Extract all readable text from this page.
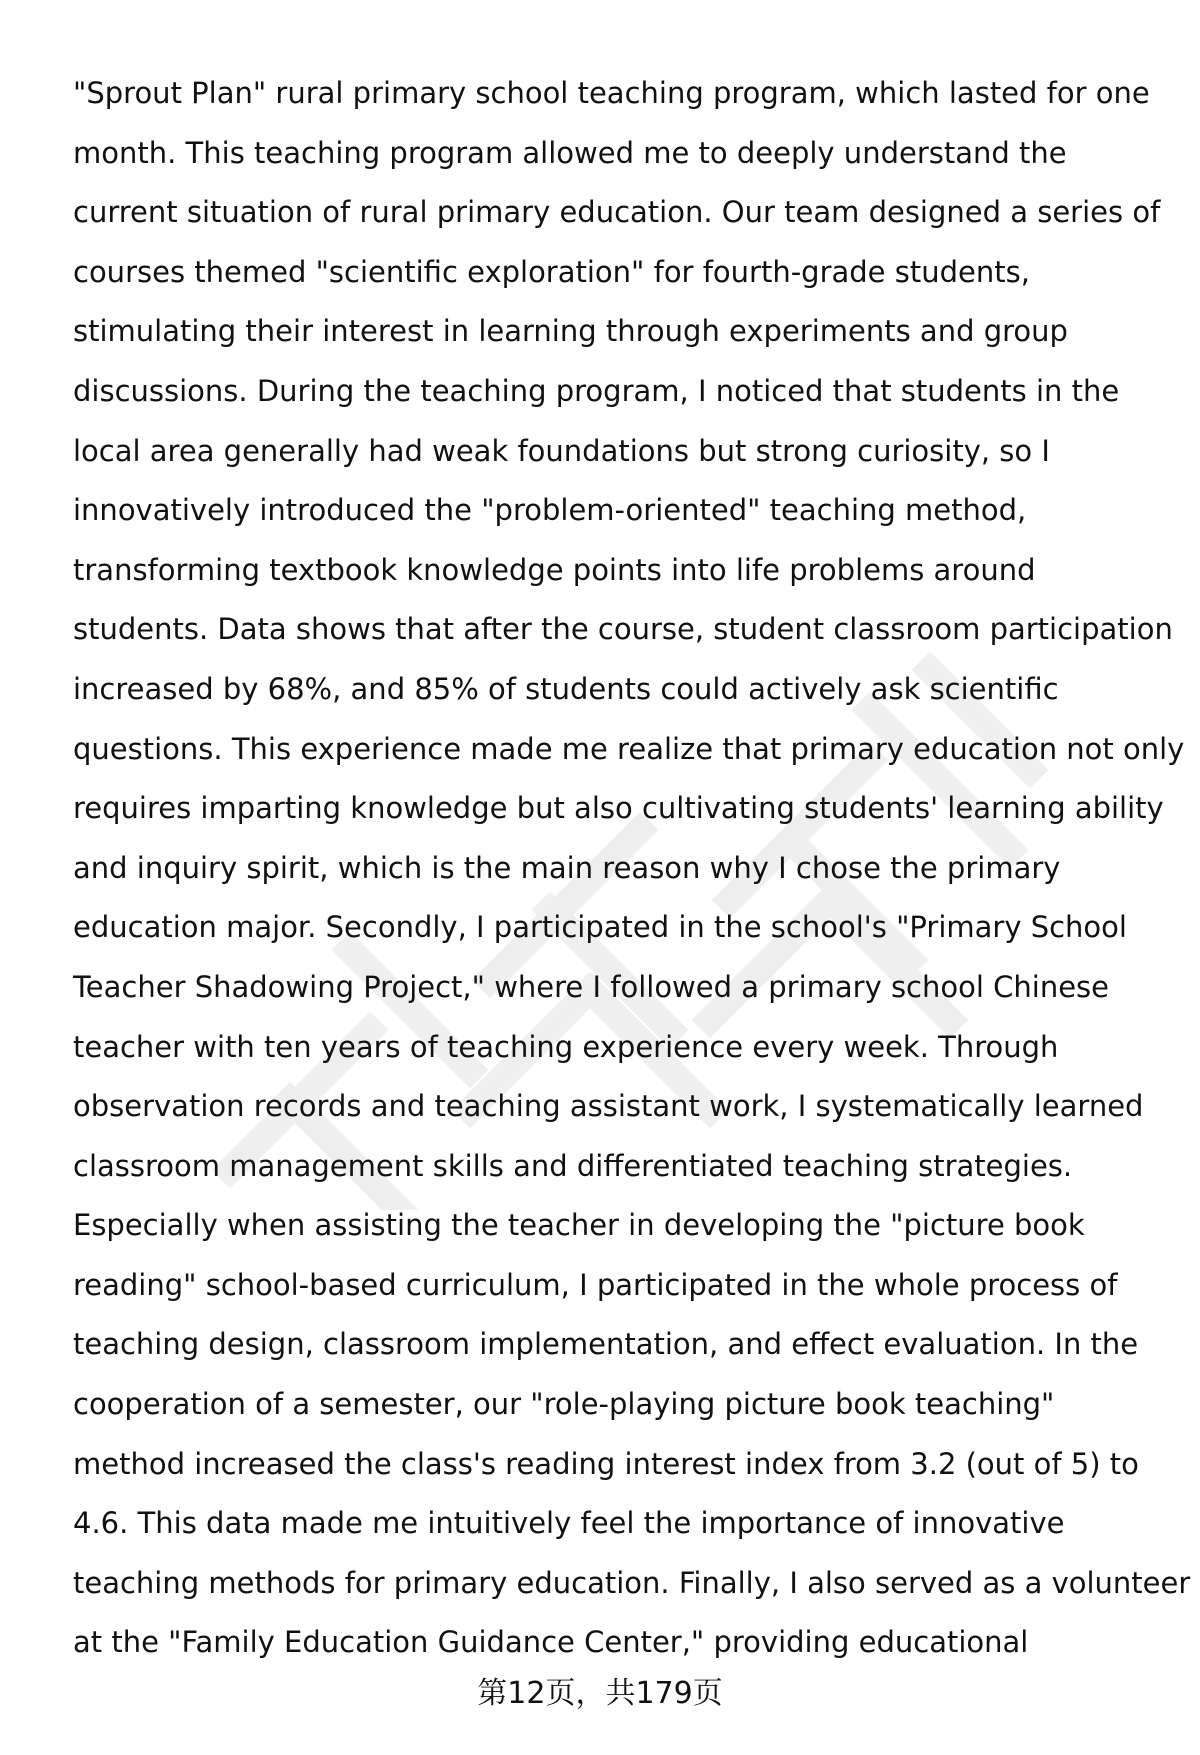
"Sprout Plan" rural primary school teaching program, which lasted for one
month. This teaching program allowed me to deeply understand the
current situation of rural primary education. Our team designed a series of
courses themed "scientific exploration" for fourth-grade students,
stimulating their interest in learning through experiments and group
discussions. During the teaching program, I noticed that students in the
local area generally had weak foundations but strong curiosity, so I
innovatively introduced the "problem-oriented" teaching method,
transforming textbook knowledge points into life problems around
students. Data shows that after the course, student classroom participation
increased by 68%, and 85% of students could actively ask scientific
questions. This experience made me realize that primary education not only
requires imparting knowledge but also cultivating students' learning ability
and inquiry spirit, which is the main reason why I chose the primary
education major. Secondly, I participated in the school's "Primary School
Teacher Shadowing Project," where I followed a primary school Chinese
teacher with ten years of teaching experience every week. Through
observation records and teaching assistant work, I systematically learned
classroom management skills and differentiated teaching strategies.
Especially when assisting the teacher in developing the "picture book
reading" school-based curriculum, I participated in the whole process of
teaching design, classroom implementation, and effect evaluation. In the
cooperation of a semester, our "role-playing picture book teaching"
method increased the class's reading interest index from 3.2 (out of 5) to
4.6. This data made me intuitively feel the importance of innovative
teaching methods for primary education. Finally, I also served as a volunteer
at the "Family Education Guidance Center," providing educational
第12页，共179页
